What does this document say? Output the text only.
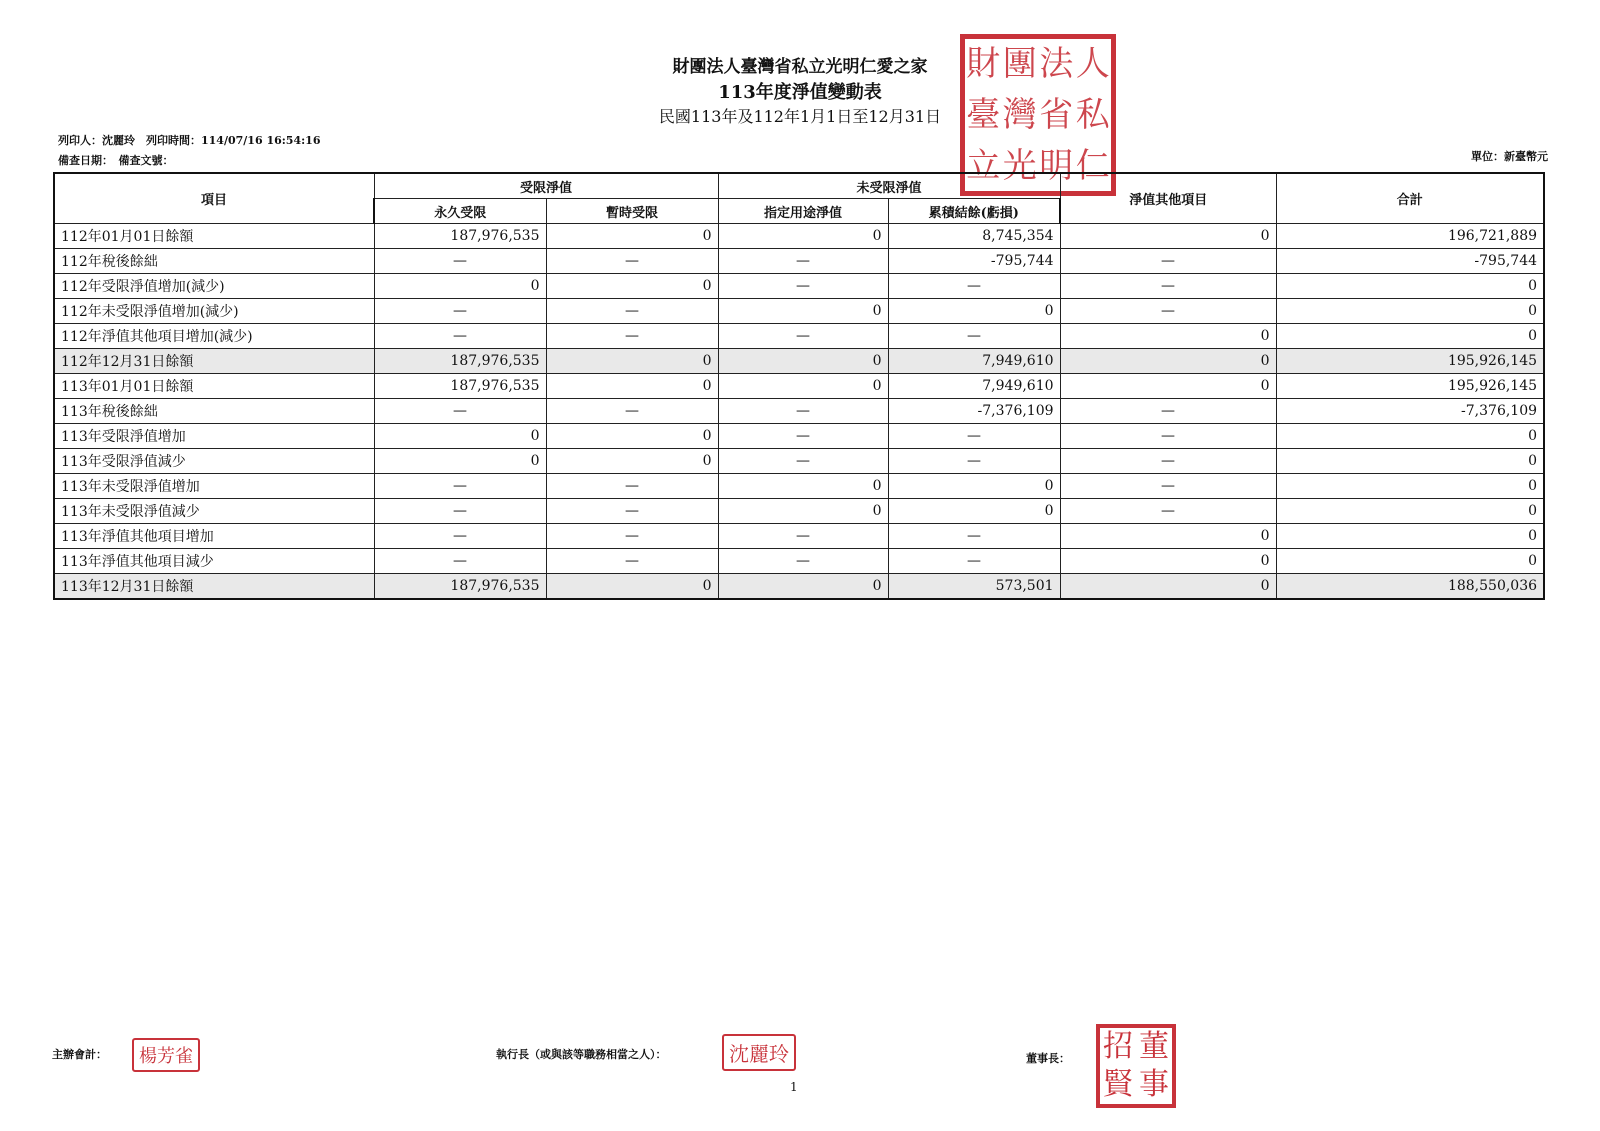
財團法人臺灣省私立光明仁愛之家
113年度淨值變動表
民國113年及112年1月1日至12月31日
列印人：沈麗玲　列印時間：114/07/16 16:54:16
備查日期：　備查文號：	單位：新臺幣元
財 團 法 人
臺 灣 省 私
立 光 明 仁
項目	受限淨值		未受限淨值		淨值其他項目	合計
	永久受限	暫時受限	指定用途淨值	累積結餘(虧損)		
112年01月01日餘額	187,976,535	0	0	8,745,354	0	196,721,889
112年稅後餘絀	—	—	—	-795,744	—	-795,744
112年受限淨值增加(減少)	0	0	—	—	—	0
112年未受限淨值增加(減少)	—	—	0	0	—	0
112年淨值其他項目增加(減少)	—	—	—	—	0	0
112年12月31日餘額	187,976,535	0	0	7,949,610	0	195,926,145
113年01月01日餘額	187,976,535	0	0	7,949,610	0	195,926,145
113年稅後餘絀	—	—	—	-7,376,109	—	-7,376,109
113年受限淨值增加	0	0	—	—	—	0
113年受限淨值減少	0	0	—	—	—	0
113年未受限淨值增加	—	—	0	0	—	0
113年未受限淨值減少	—	—	0	0	—	0
113年淨值其他項目增加	—	—	—	—	0	0
113年淨值其他項目減少	—	—	—	—	0	0
113年12月31日餘額	187,976,535	0	0	573,501	0	188,550,036
主辦會計：	楊芳雀	執行長（或與該等職務相當之人）：	沈麗玲	董事長： 招 董
賢 事
1
